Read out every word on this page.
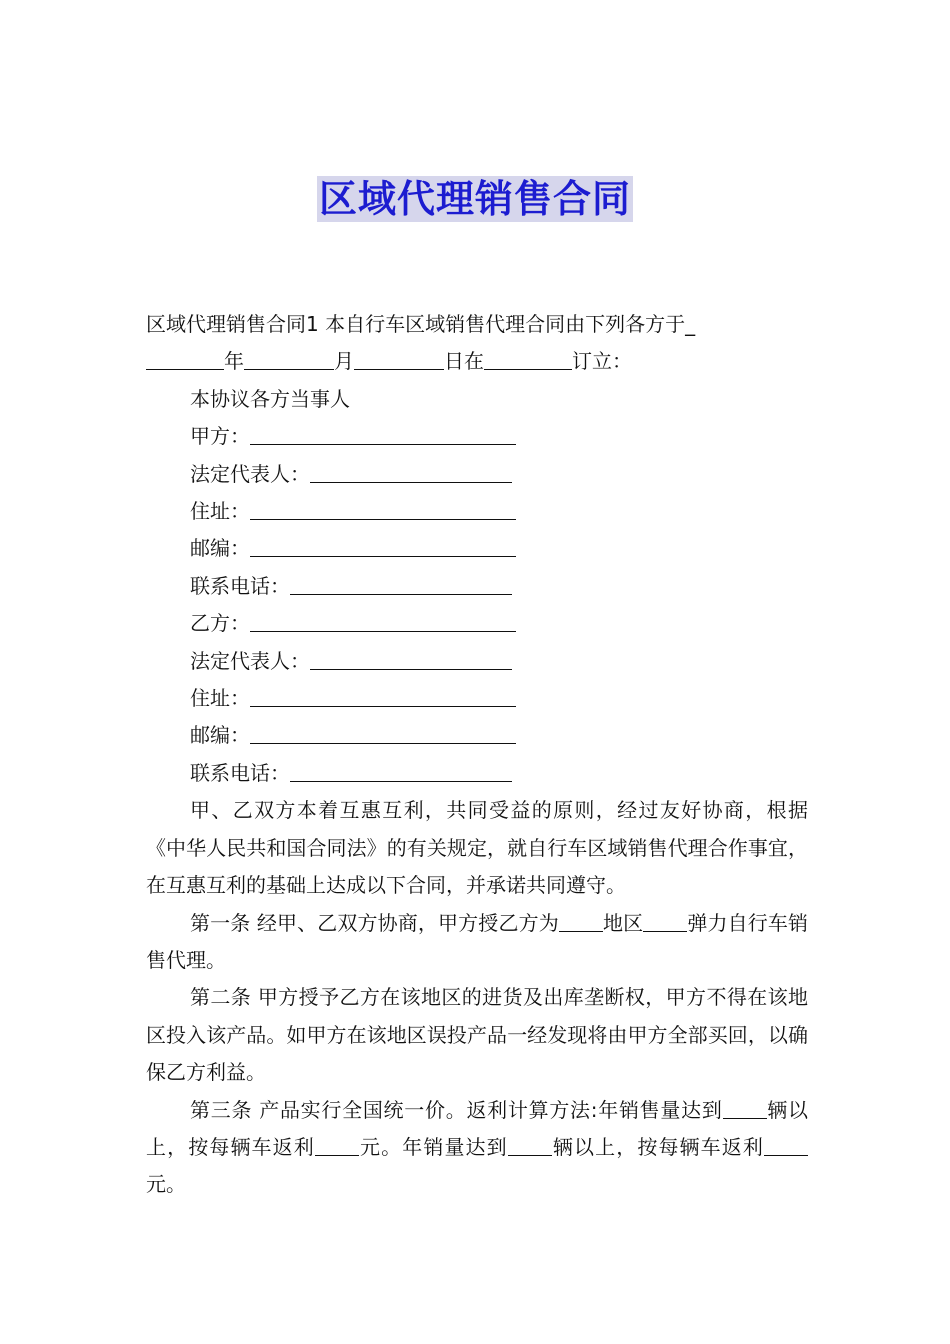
区域代理销售合同
区域代理销售合同1 本自行车区域销售代理合同由下列各方于_
年	月	日在	订立：
本协议各方当事人
甲方：
法定代表人：
住址：
邮编：
联系电话：
乙方：
法定代表人：
住址：
邮编：
联系电话：
甲、乙双方本着互惠互利，共同受益的原则，经过友好协商，根据《中华人民共和国合同法》的有关规定，就自行车区域销售代理合作事宜，在互惠互利的基础上达成以下合同，并承诺共同遵守。
第一条 经甲、乙双方协商，甲方授乙方为 地区 弹力自行车销售代理。
第二条 甲方授予乙方在该地区的进货及出库垄断权，甲方不得在该地区投入该产品。如甲方在该地区误投产品一经发现将由甲方全部买回，以确保乙方利益。
第三条 产品实行全国统一价。返利计算方法:年销售量达到 辆以上，按每辆车返利 元。年销量达到 辆以上，按每辆车返利元。
